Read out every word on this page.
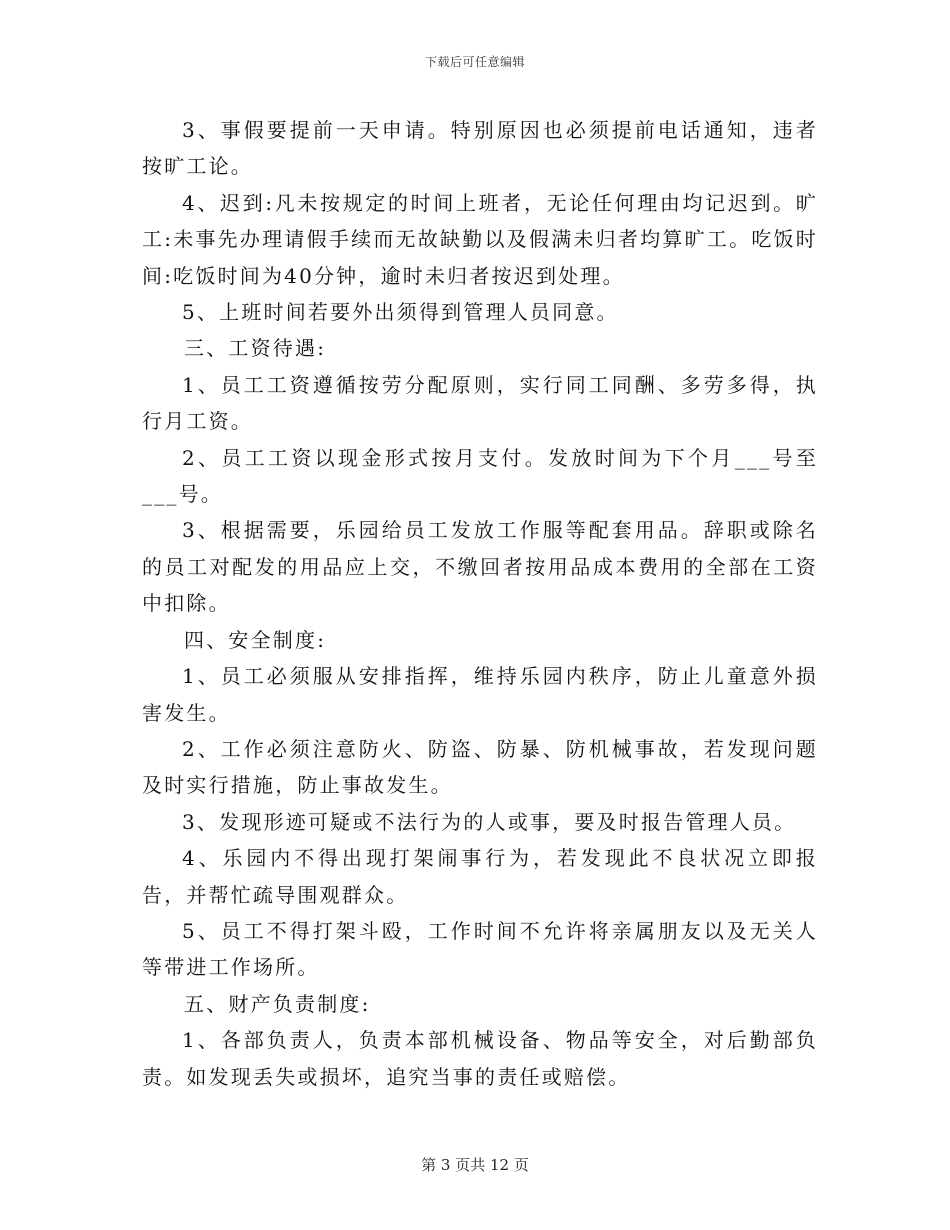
下载后可任意编辑

3、事假要提前一天申请。特别原因也必须提前电话通知，违者按旷工论。

4、迟到:凡未按规定的时间上班者，无论任何理由均记迟到。旷工:未事先办理请假手续而无故缺勤以及假满未归者均算旷工。吃饭时间:吃饭时间为40分钟，逾时未归者按迟到处理。

5、上班时间若要外出须得到管理人员同意。

三、工资待遇:

1、员工工资遵循按劳分配原则，实行同工同酬、多劳多得，执行月工资。

2、员工工资以现金形式按月支付。发放时间为下个月___号至___号。

3、根据需要，乐园给员工发放工作服等配套用品。辞职或除名的员工对配发的用品应上交，不缴回者按用品成本费用的全部在工资中扣除。

四、安全制度:

1、员工必须服从安排指挥，维持乐园内秩序，防止儿童意外损害发生。

2、工作必须注意防火、防盗、防暴、防机械事故，若发现问题及时实行措施，防止事故发生。

3、发现形迹可疑或不法行为的人或事，要及时报告管理人员。

4、乐园内不得出现打架闹事行为，若发现此不良状况立即报告，并帮忙疏导围观群众。

5、员工不得打架斗殴，工作时间不允许将亲属朋友以及无关人等带进工作场所。

五、财产负责制度:

1、各部负责人，负责本部机械设备、物品等安全，对后勤部负责。如发现丢失或损坏，追究当事的责任或赔偿。

第 3 页共 12 页
